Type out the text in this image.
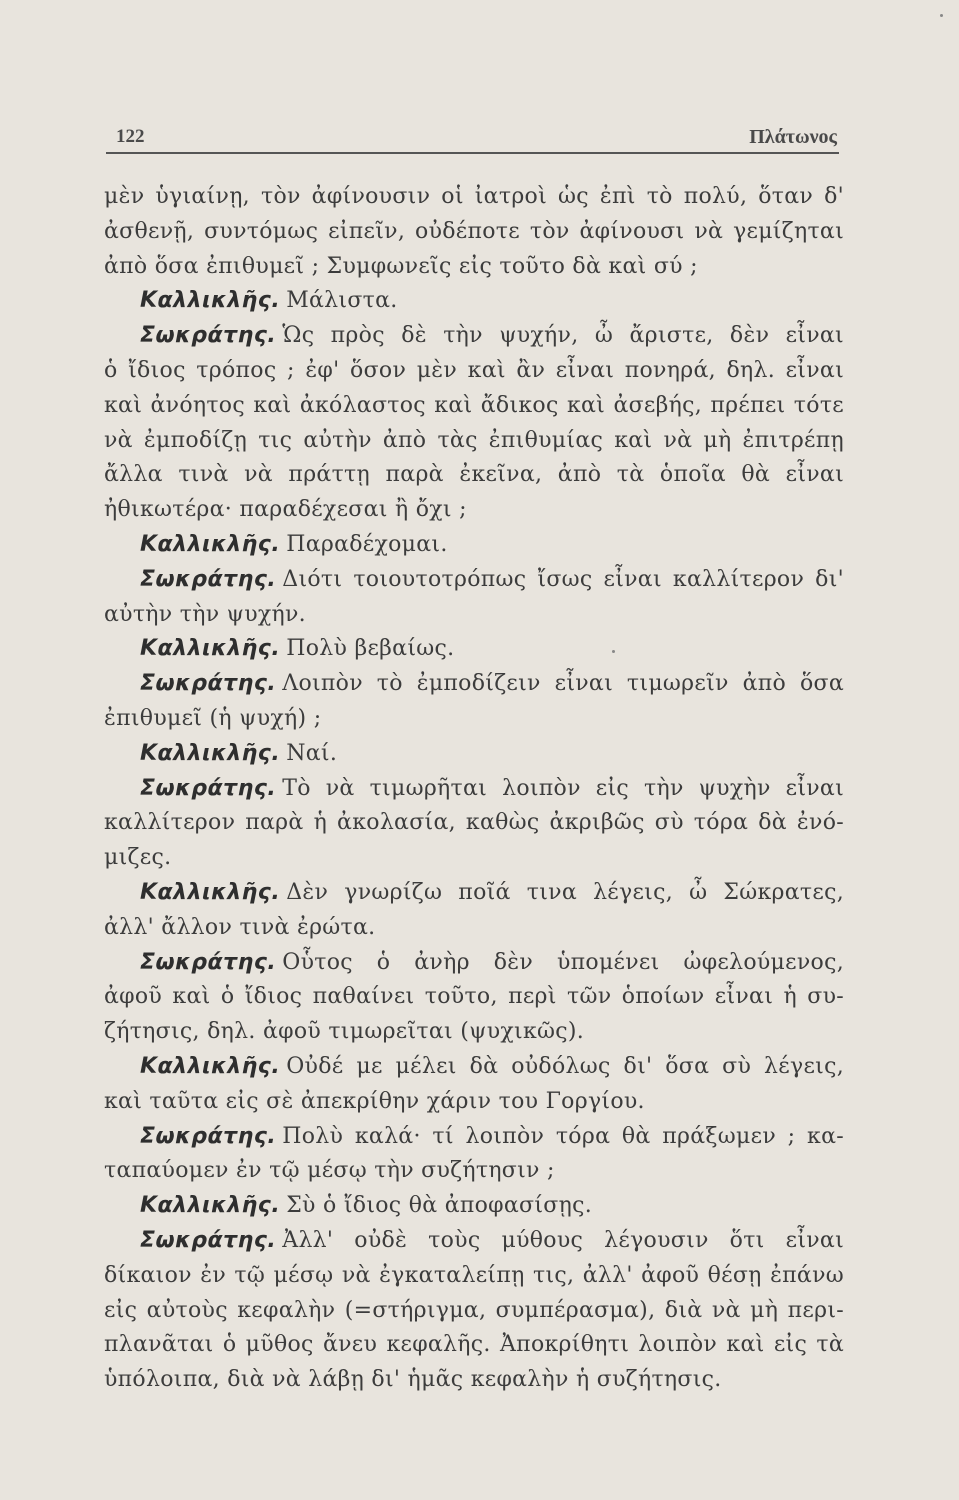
122	Πλάτωνος
μὲν ὑγιαίνῃ, τὸν ἀφίνουσιν οἱ ἰατροὶ ὡς ἐπὶ τὸ πολύ, ὅταν δ'
ἀσθενῇ, συντόμως εἰπεῖν, οὐδέποτε τὸν ἀφίνουσι νὰ γεμίζηται
ἀπὸ ὅσα ἐπιθυμεῖ ; Συμφωνεῖς εἰς τοῦτο δὰ καὶ σύ ;
Καλλικλῆς. Μάλιστα.
Σωκράτης. Ὡς πρὸς δὲ τὴν ψυχήν, ὦ ἄριστε, δὲν εἶναι
ὁ ἴδιος τρόπος ; ἐφ' ὅσον μὲν καὶ ἂν εἶναι πονηρά, δηλ. εἶναι
καὶ ἀνόητος καὶ ἀκόλαστος καὶ ἄδικος καὶ ἀσεβής, πρέπει τότε
νὰ ἐμποδίζῃ τις αὐτὴν ἀπὸ τὰς ἐπιθυμίας καὶ νὰ μὴ ἐπιτρέπῃ
ἄλλα τινὰ νὰ πράττῃ παρὰ ἐκεῖνα, ἀπὸ τὰ ὁποῖα θὰ εἶναι
ἠθικωτέρα· παραδέχεσαι ἢ ὄχι ;
Καλλικλῆς. Παραδέχομαι.
Σωκράτης. Διότι τοιουτοτρόπως ἴσως εἶναι καλλίτερον δι'
αὐτὴν τὴν ψυχήν.
Καλλικλῆς. Πολὺ βεβαίως.
Σωκράτης. Λοιπὸν τὸ ἐμποδίζειν εἶναι τιμωρεῖν ἀπὸ ὅσα
ἐπιθυμεῖ (ἡ ψυχή) ;
Καλλικλῆς. Ναί.
Σωκράτης. Τὸ νὰ τιμωρῆται λοιπὸν εἰς τὴν ψυχὴν εἶναι
καλλίτερον παρὰ ἡ ἀκολασία, καθὼς ἀκριβῶς σὺ τόρα δὰ ἐνό-
μιζες.
Καλλικλῆς. Δὲν γνωρίζω ποῖά τινα λέγεις, ὦ Σώκρατες,
ἀλλ' ἄλλον τινὰ ἐρώτα.
Σωκράτης. Οὗτος ὁ ἀνὴρ δὲν ὑπομένει ὠφελούμενος,
ἀφοῦ καὶ ὁ ἴδιος παθαίνει τοῦτο, περὶ τῶν ὁποίων εἶναι ἡ συ-
ζήτησις, δηλ. ἀφοῦ τιμωρεῖται (ψυχικῶς).
Καλλικλῆς. Οὐδέ με μέλει δὰ οὐδόλως δι' ὅσα σὺ λέγεις,
καὶ ταῦτα εἰς σὲ ἀπεκρίθην χάριν του Γοργίου.
Σωκράτης. Πολὺ καλά· τί λοιπὸν τόρα θὰ πράξωμεν ; κα-
ταπαύομεν ἐν τῷ μέσῳ τὴν συζήτησιν ;
Καλλικλῆς. Σὺ ὁ ἴδιος θὰ ἀποφασίσῃς.
Σωκράτης. Ἀλλ' οὐδὲ τοὺς μύθους λέγουσιν ὅτι εἶναι
δίκαιον ἐν τῷ μέσῳ νὰ ἐγκαταλείπῃ τις, ἀλλ' ἀφοῦ θέσῃ ἐπάνω
εἰς αὐτοὺς κεφαλὴν (=στήριγμα, συμπέρασμα), διὰ νὰ μὴ περι-
πλανᾶται ὁ μῦθος ἄνευ κεφαλῆς. Ἀποκρίθητι λοιπὸν καὶ εἰς τὰ
ὑπόλοιπα, διὰ νὰ λάβῃ δι' ἡμᾶς κεφαλὴν ἡ συζήτησις.
